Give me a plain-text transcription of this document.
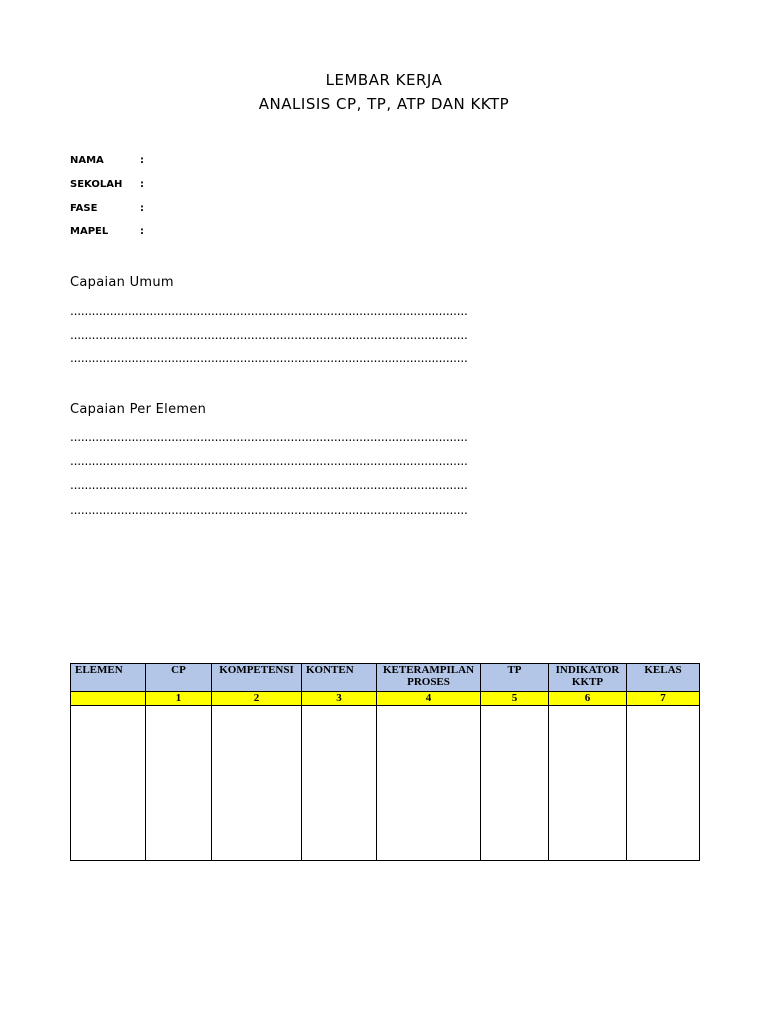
LEMBAR KERJA
ANALISIS CP, TP, ATP DAN KKTP
NAMA	:
SEKOLAH :
FASE	:
MAPEL	:
Capaian Umum
..............................................................................................................
..............................................................................................................
..............................................................................................................
Capaian Per Elemen
..............................................................................................................
..............................................................................................................
..............................................................................................................
..............................................................................................................
ELEMEN	CP	KOMPETENSI	KONTEN	KETERAMPILAN PROSES	TP	INDIKATOR KKTP	KELAS
	1	2	3	4	5	6	7
